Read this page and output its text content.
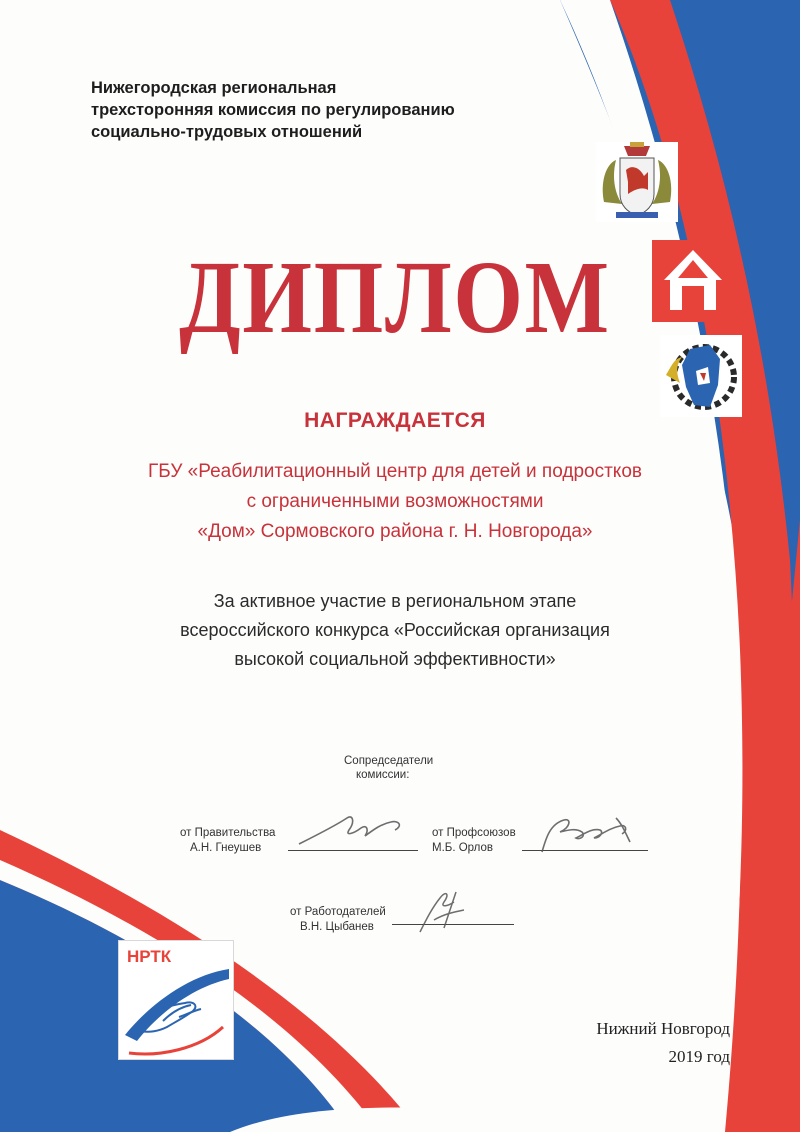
Нижегородская региональная
трехсторонняя комиссия по регулированию
социально-трудовых отношений
ДИПЛОМ
НАГРАЖДАЕТСЯ
ГБУ «Реабилитационный центр для детей и подростков
с ограниченными возможностями
«Дом» Сормовского района г. Н. Новгорода»
За активное участие в региональном этапе
всероссийского конкурса «Российская организация
высокой социальной эффективности»
Сопредседатели
комиссии:
от Правительства
А.Н. Гнеушев
от Профсоюзов
М.Б. Орлов
от Работодателей
В.Н. Цыбанев
НРТК
Нижний Новгород
2019 год
